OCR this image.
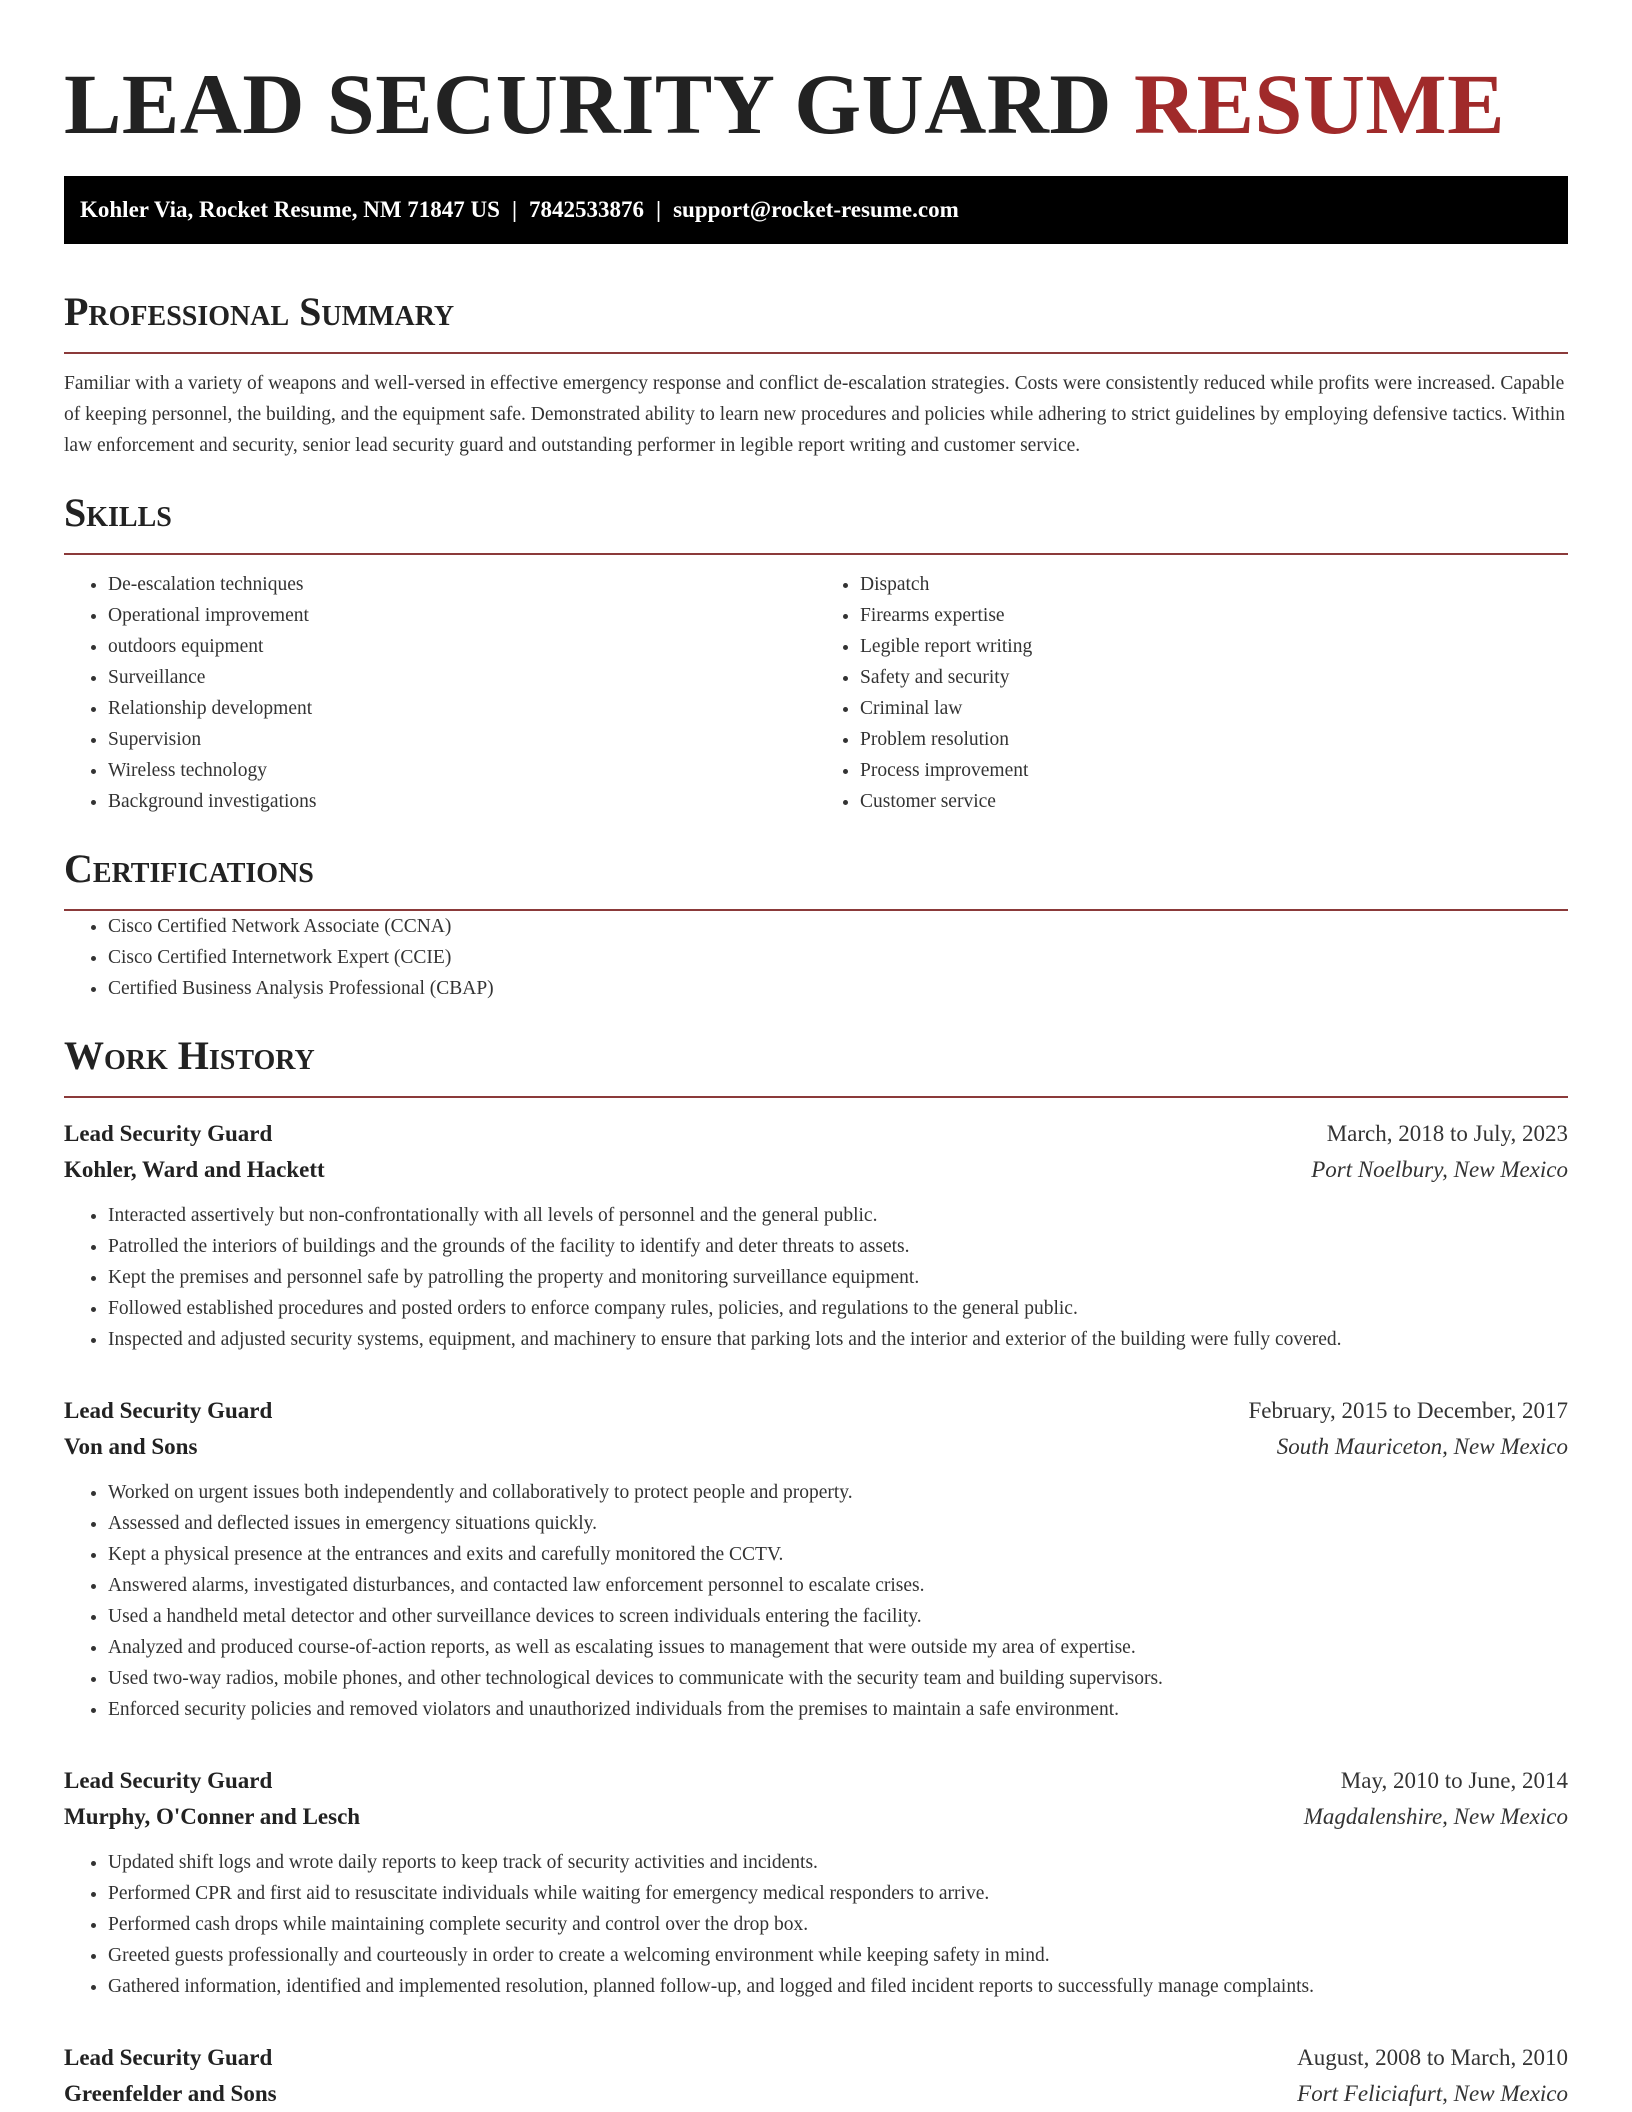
LEAD SECURITY GUARD RESUME
Kohler Via, Rocket Resume, NM 71847 US | 7842533876 | support@rocket-resume.com
Professional Summary

Familiar with a variety of weapons and well-versed in effective emergency response and conflict de-escalation strategies. Costs were consistently reduced while profits were increased. Capable of keeping personnel, the building, and the equipment safe. Demonstrated ability to learn new procedures and policies while adhering to strict guidelines by employing defensive tactics. Within law enforcement and security, senior lead security guard and outstanding performer in legible report writing and customer service.

Skills
• De-escalation techniques
• Operational improvement
• outdoors equipment
• Surveillance
• Relationship development
• Supervision
• Wireless technology
• Background investigations
• Dispatch
• Firearms expertise
• Legible report writing
• Safety and security
• Criminal law
• Problem resolution
• Process improvement
• Customer service
Certifications
• Cisco Certified Network Associate (CCNA)
• Cisco Certified Internetwork Expert (CCIE)
• Certified Business Analysis Professional (CBAP)
Work History
Lead Security Guard	March, 2018 to July, 2023
Kohler, Ward and Hackett	Port Noelbury, New Mexico
• Interacted assertively but non-confrontationally with all levels of personnel and the general public.
• Patrolled the interiors of buildings and the grounds of the facility to identify and deter threats to assets.
• Kept the premises and personnel safe by patrolling the property and monitoring surveillance equipment.
• Followed established procedures and posted orders to enforce company rules, policies, and regulations to the general public.
• Inspected and adjusted security systems, equipment, and machinery to ensure that parking lots and the interior and exterior of the building were fully covered.
Lead Security Guard	February, 2015 to December, 2017
Von and Sons	South Mauriceton, New Mexico
• Worked on urgent issues both independently and collaboratively to protect people and property.
• Assessed and deflected issues in emergency situations quickly.
• Kept a physical presence at the entrances and exits and carefully monitored the CCTV.
• Answered alarms, investigated disturbances, and contacted law enforcement personnel to escalate crises.
• Used a handheld metal detector and other surveillance devices to screen individuals entering the facility.
• Analyzed and produced course-of-action reports, as well as escalating issues to management that were outside my area of expertise.
• Used two-way radios, mobile phones, and other technological devices to communicate with the security team and building supervisors.
• Enforced security policies and removed violators and unauthorized individuals from the premises to maintain a safe environment.
Lead Security Guard	May, 2010 to June, 2014
Murphy, O'Conner and Lesch	Magdalenshire, New Mexico
• Updated shift logs and wrote daily reports to keep track of security activities and incidents.
• Performed CPR and first aid to resuscitate individuals while waiting for emergency medical responders to arrive.
• Performed cash drops while maintaining complete security and control over the drop box.
• Greeted guests professionally and courteously in order to create a welcoming environment while keeping safety in mind.
• Gathered information, identified and implemented resolution, planned follow-up, and logged and filed incident reports to successfully manage complaints.
Lead Security Guard	August, 2008 to March, 2010
Greenfelder and Sons	Fort Feliciafurt, New Mexico
